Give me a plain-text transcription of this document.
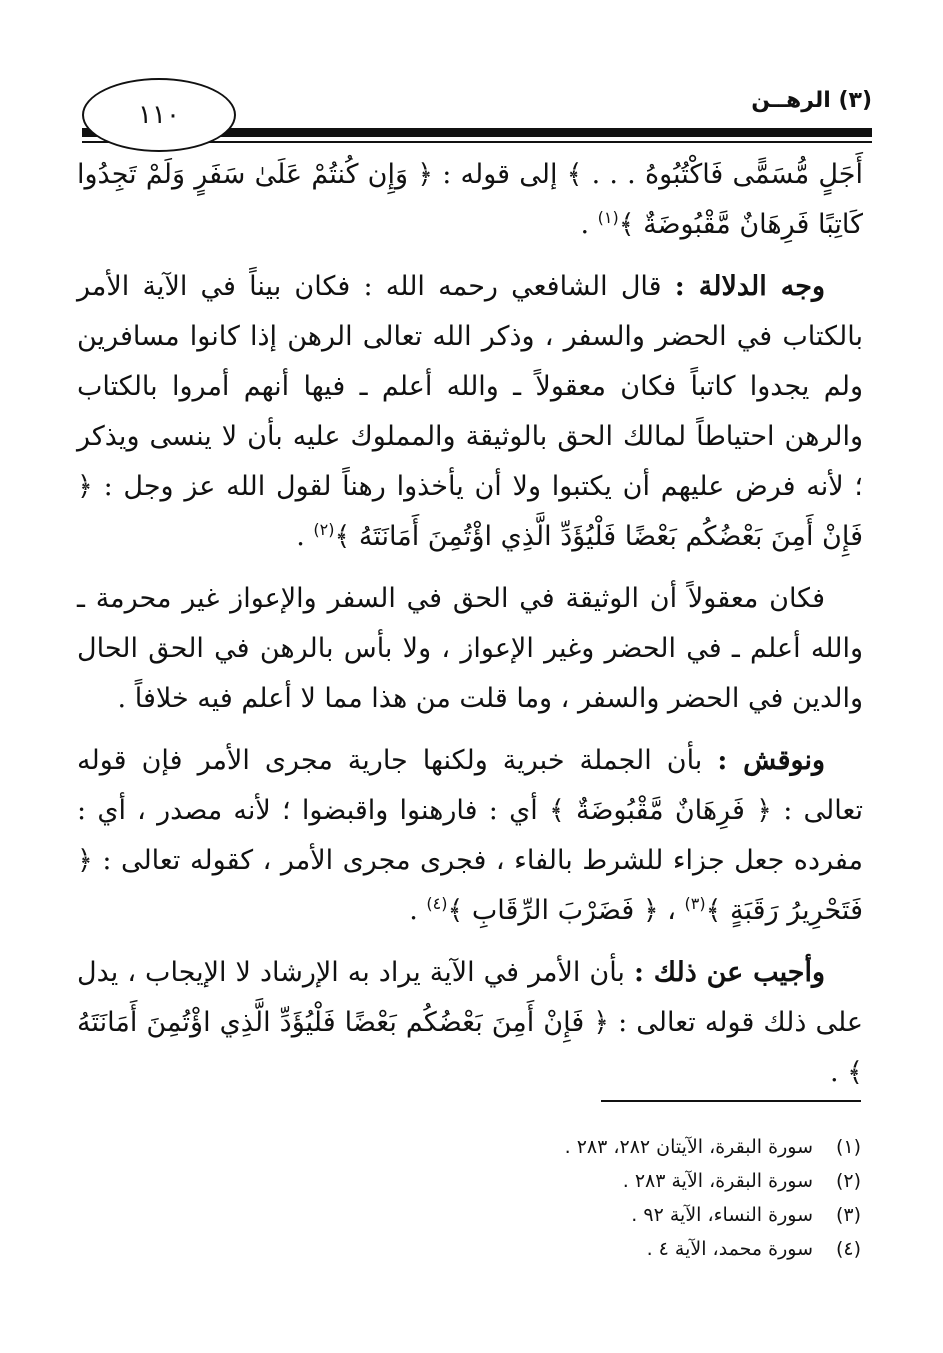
١١٠	(٣) الرهــن

أَجَلٍ مُّسَمًّى فَاكْتُبُوهُ . . . ﴾ إلى قوله : ﴿ وَإِن كُنتُمْ عَلَىٰ سَفَرٍ وَلَمْ تَجِدُوا كَاتِبًا فَرِهَانٌ مَّقْبُوضَةٌ ﴾$^{(١)}$ .

وجه الدلالة : قال الشافعي رحمه الله : فكان بيناً في الآية الأمر بالكتاب في الحضر والسفر ، وذكر الله تعالى الرهن إذا كانوا مسافرين ولم يجدوا كاتباً فكان معقولاً ـ والله أعلم ـ فيها أنهم أمروا بالكتاب والرهن احتياطاً لمالك الحق بالوثيقة والمملوك عليه بأن لا ينسى ويذكر ؛ لأنه فرض عليهم أن يكتبوا ولا أن يأخذوا رهناً لقول الله عز وجل : ﴿ فَإِنْ أَمِنَ بَعْضُكُم بَعْضًا فَلْيُؤَدِّ الَّذِي اؤْتُمِنَ أَمَانَتَهُ ﴾$^{(٢)}$ .

فكان معقولاً أن الوثيقة في الحق في السفر والإعواز غير محرمة ـ والله أعلم ـ في الحضر وغير الإعواز ، ولا بأس بالرهن في الحق الحال والدين في الحضر والسفر ، وما قلت من هذا مما لا أعلم فيه خلافاً .

ونوقش : بأن الجملة خبرية ولكنها جارية مجرى الأمر فإن قوله تعالى : ﴿ فَرِهَانٌ مَّقْبُوضَةٌ ﴾ أي : فارهنوا واقبضوا ؛ لأنه مصدر ، أي : مفرده جعل جزاء للشرط بالفاء ، فجرى مجرى الأمر ، كقوله تعالى : ﴿ فَتَحْرِيرُ رَقَبَةٍ ﴾$^{(٣)}$ ، ﴿ فَضَرْبَ الرِّقَابِ ﴾$^{(٤)}$ .

وأجيب عن ذلك : بأن الأمر في الآية يراد به الإرشاد لا الإيجاب ، يدل على ذلك قوله تعالى : ﴿ فَإِنْ أَمِنَ بَعْضُكُم بَعْضًا فَلْيُؤَدِّ الَّذِي اؤْتُمِنَ أَمَانَتَهُ ﴾ .

(١)
سورة البقرة، الآيتان ٢٨٢، ٢٨٣ .
(٢)
سورة البقرة، الآية ٢٨٣ .
(٣)
سورة النساء، الآية ٩٢ .
(٤)
سورة محمد، الآية ٤ .
